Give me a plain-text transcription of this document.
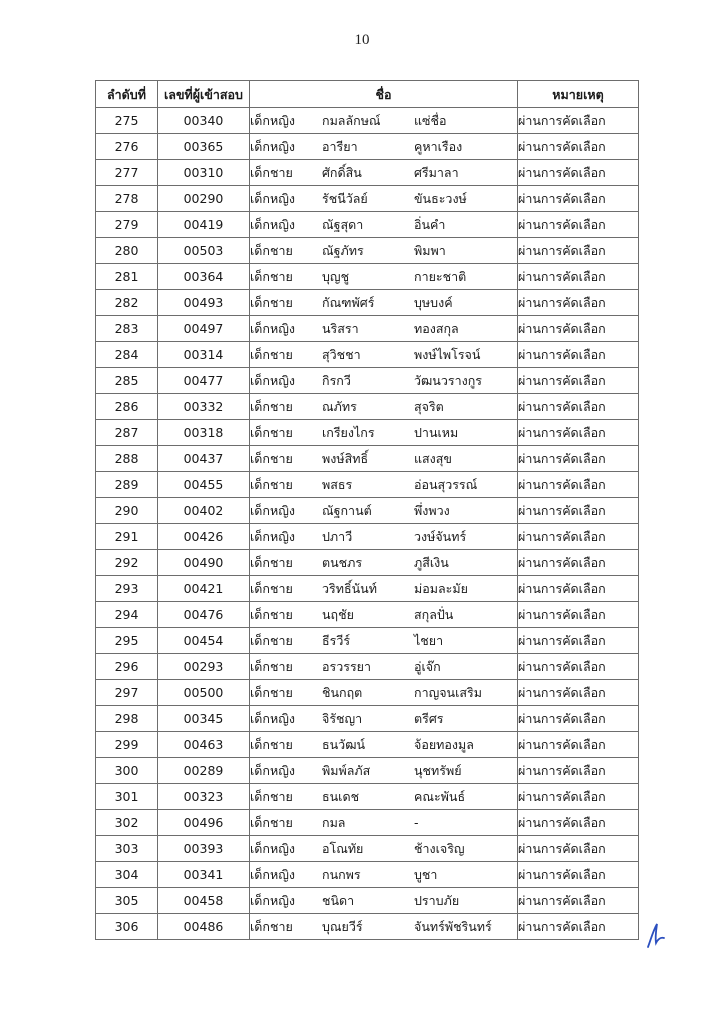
10
ลำดับที่	เลขที่ผู้เข้าสอบ	ชื่อ	หมายเหตุ
275	00340	เด็กหญิง กมลลักษณ์ แซ่ชื่อ	ผ่านการคัดเลือก
276	00365	เด็กหญิง อารียา คูหาเรือง	ผ่านการคัดเลือก
277	00310	เด็กชาย ศักดิ์สิน ศรีมาลา	ผ่านการคัดเลือก
278	00290	เด็กหญิง รัชนีวัลย์ ขันธะวงษ์	ผ่านการคัดเลือก
279	00419	เด็กหญิง ณัฐสุดา อิ่นคำ	ผ่านการคัดเลือก
280	00503	เด็กชาย ณัฐภัทร พิมพา	ผ่านการคัดเลือก
281	00364	เด็กชาย บุญชู กายะชาติ	ผ่านการคัดเลือก
282	00493	เด็กชาย กัณฑพัศร์ บุษบงค์	ผ่านการคัดเลือก
283	00497	เด็กหญิง นริสรา ทองสกุล	ผ่านการคัดเลือก
284	00314	เด็กชาย สุวิชชา พงษ์ไพโรจน์	ผ่านการคัดเลือก
285	00477	เด็กหญิง กิรกวี วัฒนวรางกูร	ผ่านการคัดเลือก
286	00332	เด็กชาย ณภัทร สุจริต	ผ่านการคัดเลือก
287	00318	เด็กชาย เกรียงไกร ปานเหม	ผ่านการคัดเลือก
288	00437	เด็กชาย พงษ์สิทธิ์ แสงสุข	ผ่านการคัดเลือก
289	00455	เด็กชาย พสธร อ่อนสุวรรณ์	ผ่านการคัดเลือก
290	00402	เด็กหญิง ณัฐกานต์ พึ่งพวง	ผ่านการคัดเลือก
291	00426	เด็กหญิง ปภาวี วงษ์จันทร์	ผ่านการคัดเลือก
292	00490	เด็กชาย ตนชภร ภูสีเงิน	ผ่านการคัดเลือก
293	00421	เด็กชาย วริทธิ์นันท์ ม่อมละมัย	ผ่านการคัดเลือก
294	00476	เด็กชาย นฤชัย สกุลปั่น	ผ่านการคัดเลือก
295	00454	เด็กชาย ธีรวีร์ ไชยา	ผ่านการคัดเลือก
296	00293	เด็กชาย อรวรรยา อู่เจ๊ก	ผ่านการคัดเลือก
297	00500	เด็กชาย ชินกฤต กาญจนเสริม	ผ่านการคัดเลือก
298	00345	เด็กหญิง จิรัชญา ตรีศร	ผ่านการคัดเลือก
299	00463	เด็กชาย ธนวัฒน์ จ้อยทองมูล	ผ่านการคัดเลือก
300	00289	เด็กหญิง พิมพ์ลภัส นุชทรัพย์	ผ่านการคัดเลือก
301	00323	เด็กชาย ธนเดช คณะพันธ์	ผ่านการคัดเลือก
302	00496	เด็กชาย กมล -	ผ่านการคัดเลือก
303	00393	เด็กหญิง อโณทัย ช้างเจริญ	ผ่านการคัดเลือก
304	00341	เด็กหญิง กนกพร บูชา	ผ่านการคัดเลือก
305	00458	เด็กหญิง ชนิดา ปราบภัย	ผ่านการคัดเลือก
306	00486	เด็กชาย บุณยวีร์ จันทร์พัชรินทร์	ผ่านการคัดเลือก
